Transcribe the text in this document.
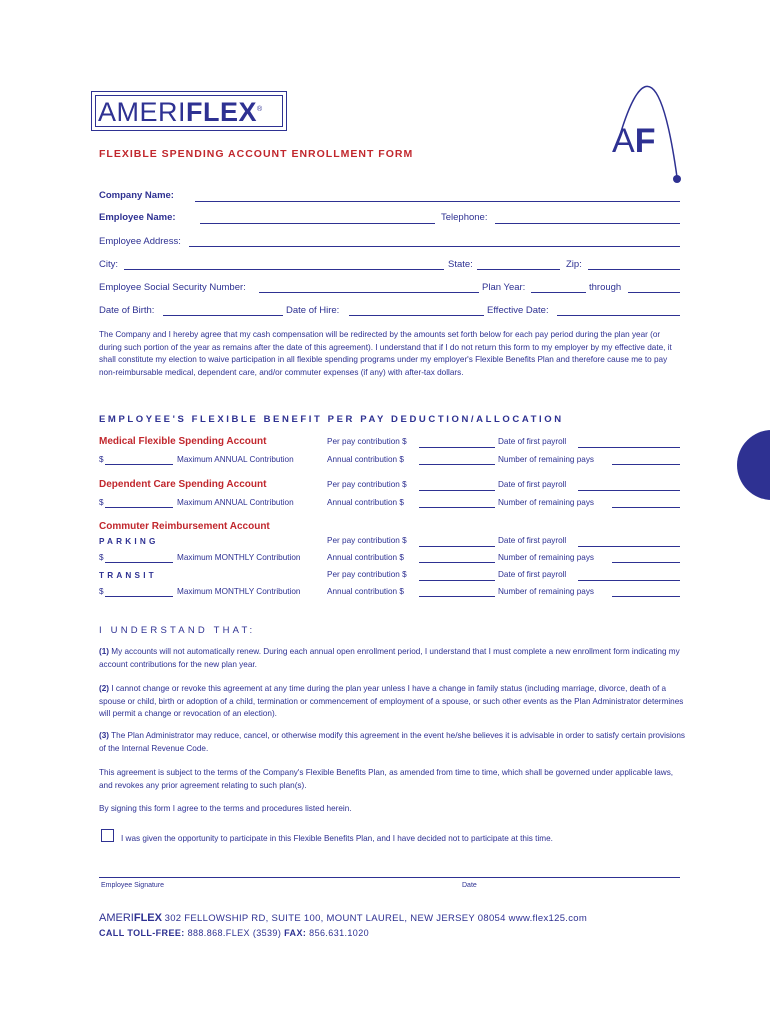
AMERIFLEX®
AF
FLEXIBLE SPENDING ACCOUNT ENROLLMENT FORM
Company Name:
Employee Name:	Telephone:
Employee Address:
City:	State:	Zip:
Employee Social Security Number:	Plan Year:	through
Date of Birth:	Date of Hire:	Effective Date:
The Company and I hereby agree that my cash compensation will be redirected by the amounts set forth below for each pay period during the plan year (or during such portion of the year as remains after the date of this agreement). I understand that if I do not return this form to my employer by my effective date, it shall constitute my election to waive participation in all flexible spending programs under my employer's Flexible Benefits Plan and therefore cause me to pay non-reimbursable medical, dependent care, and/or commuter expenses (if any) with after-tax dollars.
EMPLOYEE'S FLEXIBLE BENEFIT PER PAY DEDUCTION/ALLOCATION
Medical Flexible Spending Account	Per pay contribution $	Date of first payroll
$	Maximum ANNUAL Contribution	Annual contribution $	Number of remaining pays
Dependent Care Spending Account	Per pay contribution $	Date of first payroll
$	Maximum ANNUAL Contribution	Annual contribution $	Number of remaining pays
Commuter Reimbursement Account
PARKING	Per pay contribution $	Date of first payroll
$	Maximum MONTHLY Contribution	Annual contribution $	Number of remaining pays
TRANSIT	Per pay contribution $	Date of first payroll
$	Maximum MONTHLY Contribution	Annual contribution $	Number of remaining pays
I UNDERSTAND THAT:
(1) My accounts will not automatically renew. During each annual open enrollment period, I understand that I must complete a new enrollment form indicating my account contributions for the new plan year.
(2) I cannot change or revoke this agreement at any time during the plan year unless I have a change in family status (including marriage, divorce, death of a spouse or child, birth or adoption of a child, termination or commencement of employment of a spouse, or such other events as the Plan Administrator determines will permit a change or revocation of an election).
(3) The Plan Administrator may reduce, cancel, or otherwise modify this agreement in the event he/she believes it is advisable in order to satisfy certain provisions of the Internal Revenue Code.
This agreement is subject to the terms of the Company's Flexible Benefits Plan, as amended from time to time, which shall be governed under applicable laws, and revokes any prior agreement relating to such plan(s).
By signing this form I agree to the terms and procedures listed herein.
I was given the opportunity to participate in this Flexible Benefits Plan, and I have decided not to participate at this time.
Employee Signature	Date
AMERIFLEX 302 FELLOWSHIP RD, SUITE 100, MOUNT LAUREL, NEW JERSEY 08054 www.flex125.com
CALL TOLL-FREE: 888.868.FLEX (3539) FAX: 856.631.1020
